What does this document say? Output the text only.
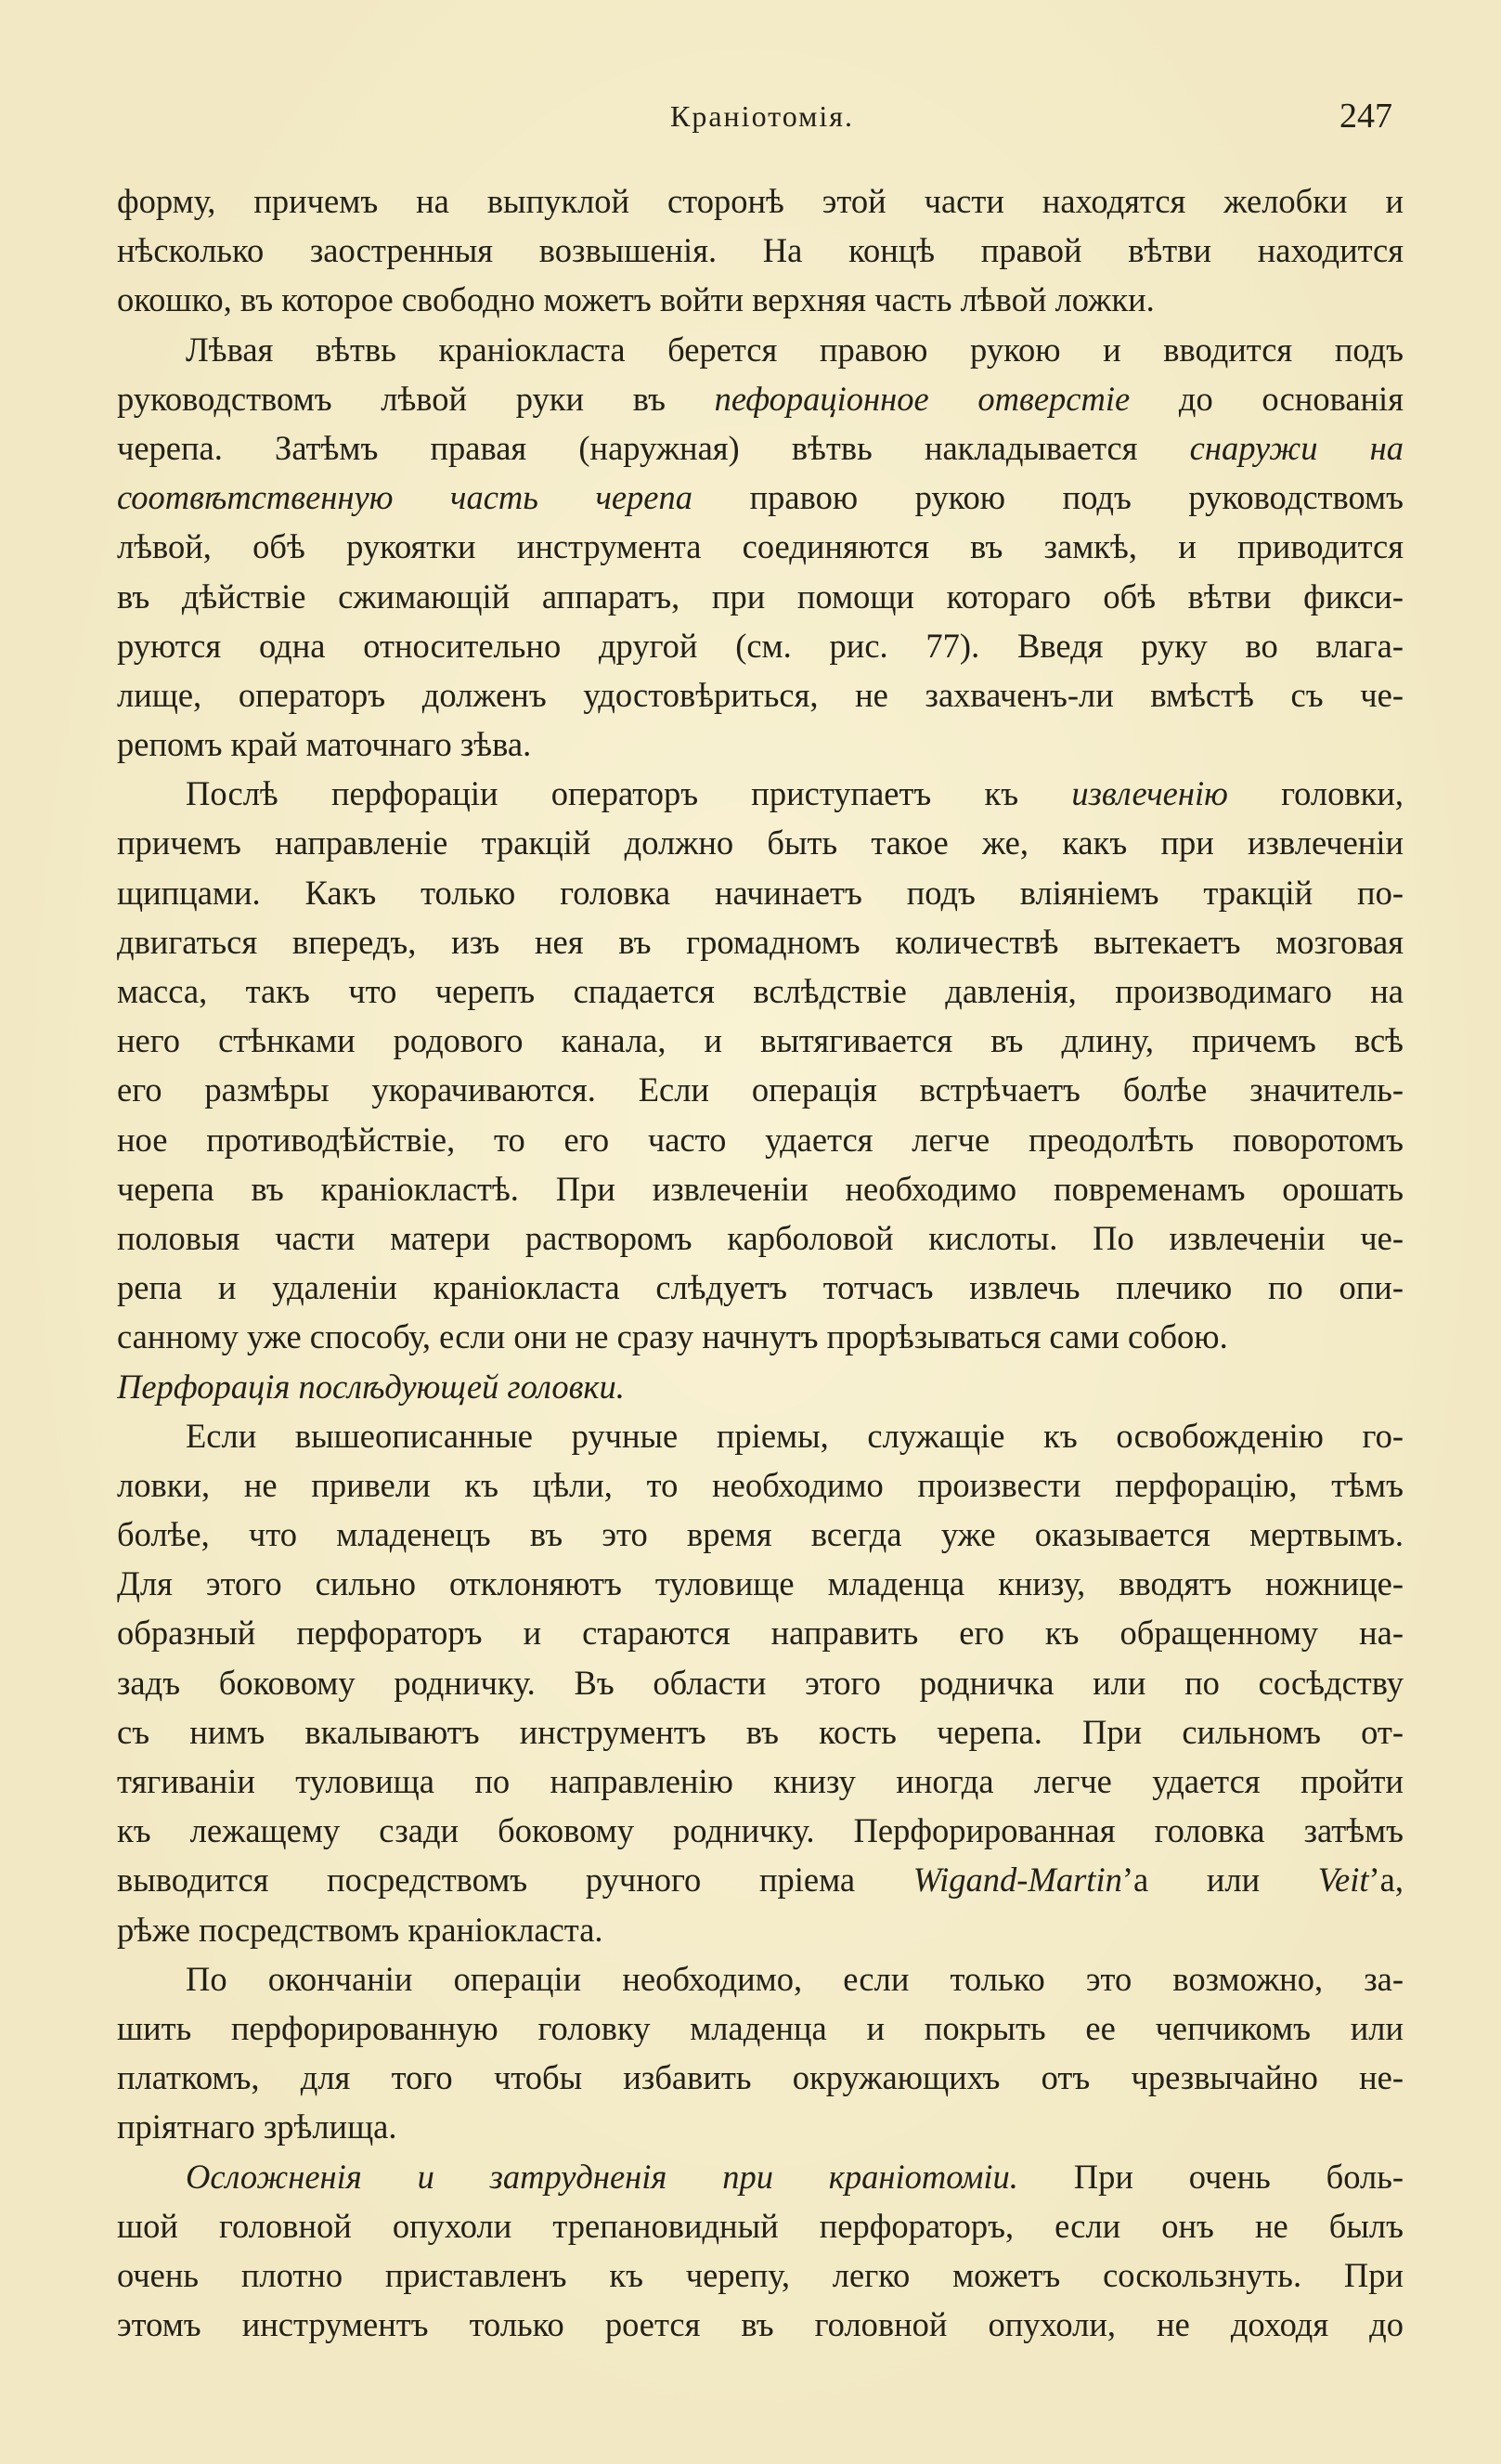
Краніотомія.	247
форму, причемъ на выпуклой сторонѣ этой части находятся желобки и
нѣсколько заостренныя возвышенія. На концѣ правой вѣтви находится
окошко, въ которое свободно можетъ войти верхняя часть лѣвой ложки.
Лѣвая вѣтвь краніокласта берется правою рукою и вводится подъ
руководствомъ лѣвой руки въ пефораціонное отверстіе до основанія
черепа. Затѣмъ правая (наружная) вѣтвь накладывается снаружи на
соотвѣтственную часть черепа правою рукою подъ руководствомъ
лѣвой, обѣ рукоятки инструмента соединяются въ замкѣ, и приводится
въ дѣйствіе сжимающій аппаратъ, при помощи котораго обѣ вѣтви фикси-
руются одна относительно другой (см. рис. 77). Введя руку во влага-
лище, операторъ долженъ удостовѣриться, не захваченъ-ли вмѣстѣ съ че-
репомъ край маточнаго зѣва.
Послѣ перфораціи операторъ приступаетъ къ извлеченію головки,
причемъ направленіе тракцій должно быть такое же, какъ при извлеченіи
щипцами. Какъ только головка начинаетъ подъ вліяніемъ тракцій по-
двигаться впередъ, изъ нея въ громадномъ количествѣ вытекаетъ мозговая
масса, такъ что черепъ спадается вслѣдствіе давленія, производимаго на
него стѣнками родового канала, и вытягивается въ длину, причемъ всѣ
его размѣры укорачиваются. Если операція встрѣчаетъ болѣе значитель-
ное противодѣйствіе, то его часто удается легче преодолѣть поворотомъ
черепа въ краніокластѣ. При извлеченіи необходимо повременамъ орошать
половыя части матери растворомъ карболовой кислоты. По извлеченіи че-
репа и удаленіи краніокласта слѣдуетъ тотчасъ извлечь плечико по опи-
санному уже способу, если они не сразу начнутъ прорѣзываться сами собою.
Перфорація послѣдующей головки.
Если вышеописанные ручные пріемы, служащіе къ освобожденію го-
ловки, не привели къ цѣли, то необходимо произвести перфорацію, тѣмъ
болѣе, что младенецъ въ это время всегда уже оказывается мертвымъ.
Для этого сильно отклоняютъ туловище младенца книзу, вводятъ ножнице-
образный перфораторъ и стараются направить его къ обращенному на-
задъ боковому родничку. Въ области этого родничка или по сосѣдству
съ нимъ вкалываютъ инструментъ въ кость черепа. При сильномъ от-
тягиваніи туловища по направленію книзу иногда легче удается пройти
къ лежащему сзади боковому родничку. Перфорированная головка затѣмъ
выводится посредствомъ ручного пріема Wigand-Martin’а или Veit’а,
рѣже посредствомъ краніокласта.
По окончаніи операціи необходимо, если только это возможно, за-
шить перфорированную головку младенца и покрыть ее чепчикомъ или
платкомъ, для того чтобы избавить окружающихъ отъ чрезвычайно не-
пріятнаго зрѣлища.
Осложненія и затрудненія при краніотоміи. При очень боль-
шой головной опухоли трепановидный перфораторъ, если онъ не былъ
очень плотно приставленъ къ черепу, легко можетъ соскользнуть. При
этомъ инструментъ только роется въ головной опухоли, не доходя до
